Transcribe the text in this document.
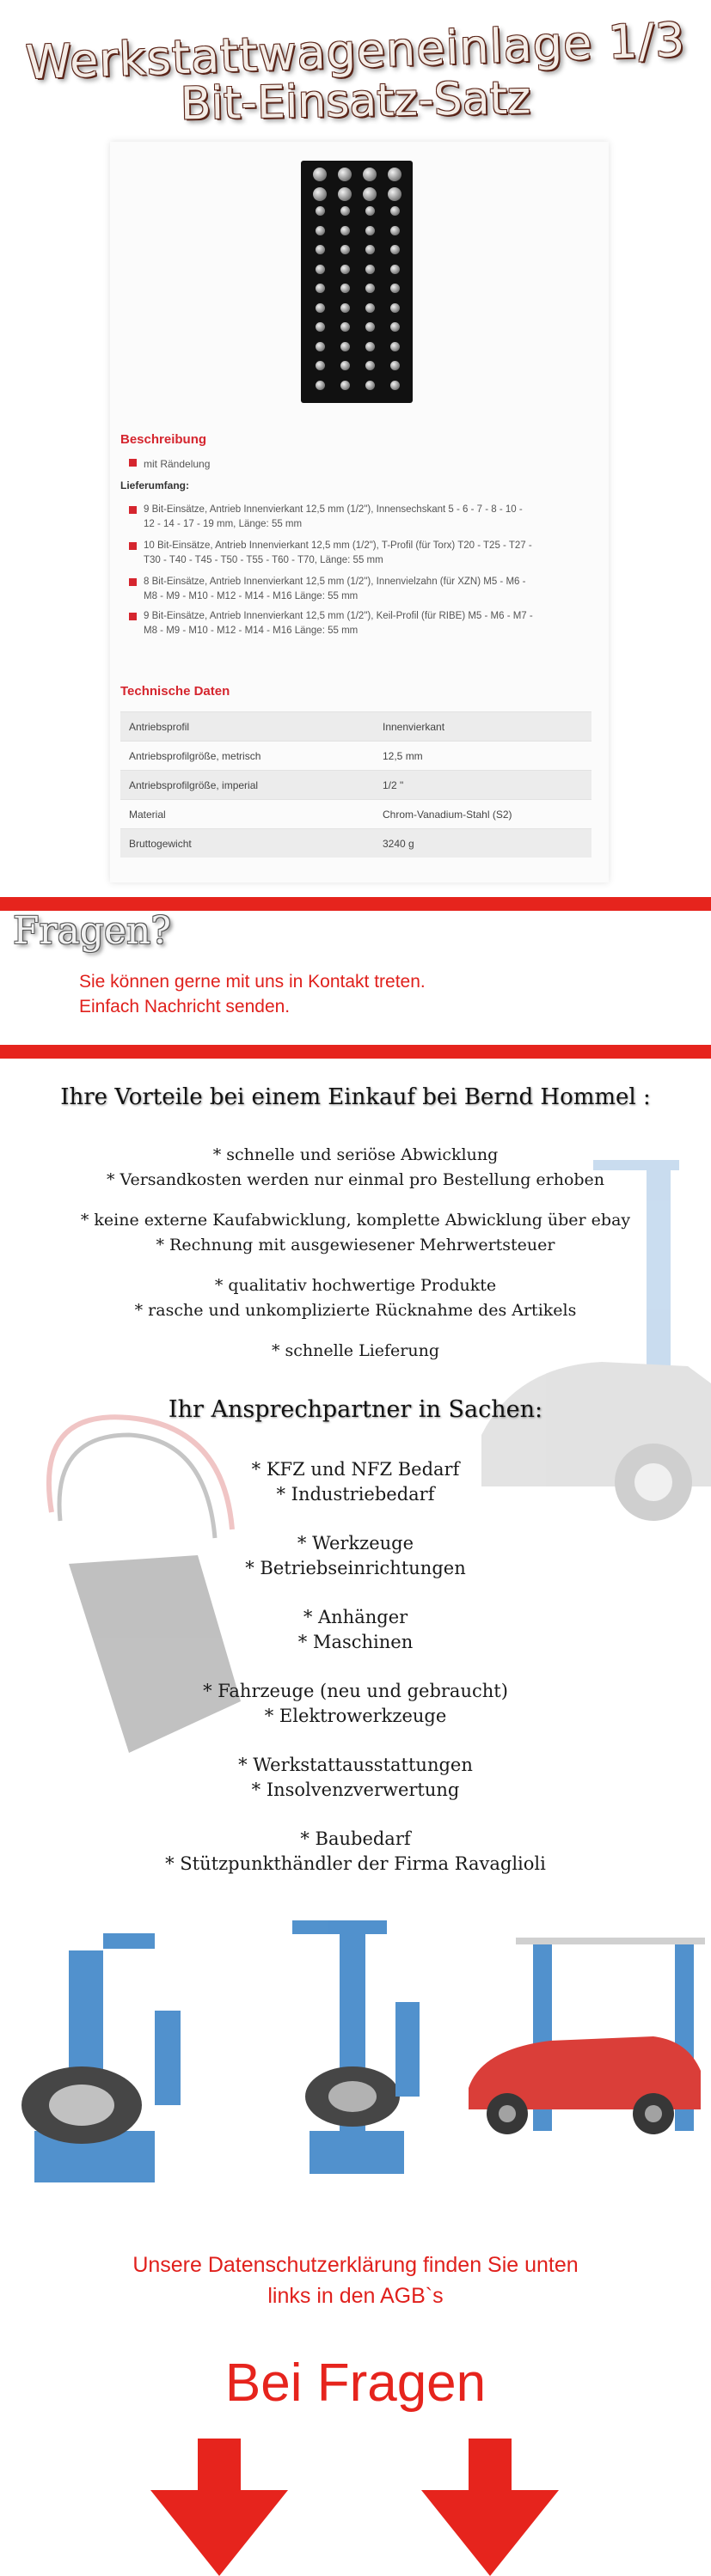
Werkstattwageneinlage 1/3
Bit-Einsatz-Satz
Beschreibung
mit Rändelung
Lieferumfang:
9 Bit-Einsätze, Antrieb Innenvierkant 12,5 mm (1/2"), Innensechskant 5 - 6 - 7 - 8 - 10 -
12 - 14 - 17 - 19 mm, Länge: 55 mm
10 Bit-Einsätze, Antrieb Innenvierkant 12,5 mm (1/2"), T-Profil (für Torx) T20 - T25 - T27 -
T30 - T40 - T45 - T50 - T55 - T60 - T70, Länge: 55 mm
8 Bit-Einsätze, Antrieb Innenvierkant 12,5 mm (1/2"), Innenvielzahn (für XZN) M5 - M6 -
M8 - M9 - M10 - M12 - M14 - M16 Länge: 55 mm
9 Bit-Einsätze, Antrieb Innenvierkant 12,5 mm (1/2"), Keil-Profil (für RIBE) M5 - M6 - M7 -
M8 - M9 - M10 - M12 - M14 - M16 Länge: 55 mm
Technische Daten
Antriebsprofil	Innenvierkant
Antriebsprofilgröße, metrisch	12,5 mm
Antriebsprofilgröße, imperial	1/2 "
Material	Chrom-Vanadium-Stahl (S2)
Bruttogewicht	3240 g
Fragen?
Sie können gerne mit uns in Kontakt treten.
Einfach Nachricht senden.
Ihre Vorteile bei einem Einkauf bei Bernd Hommel :
* schnelle und seriöse Abwicklung
* Versandkosten werden nur einmal pro Bestellung erhoben
* keine externe Kaufabwicklung, komplette Abwicklung über ebay
* Rechnung mit ausgewiesener Mehrwertsteuer
* qualitativ hochwertige Produkte
* rasche und unkomplizierte Rücknahme des Artikels
* schnelle Lieferung
Ihr Ansprechpartner in Sachen:
* KFZ und NFZ Bedarf
* Industriebedarf
* Werkzeuge
* Betriebseinrichtungen
* Anhänger
* Maschinen
* Fahrzeuge (neu und gebraucht)
* Elektrowerkzeuge
* Werkstattausstattungen
* Insolvenzverwertung
* Baubedarf
* Stützpunkthändler der Firma Ravaglioli
Unsere Datenschutzerklärung finden Sie unten
links in den AGB`s
Bei Fragen
